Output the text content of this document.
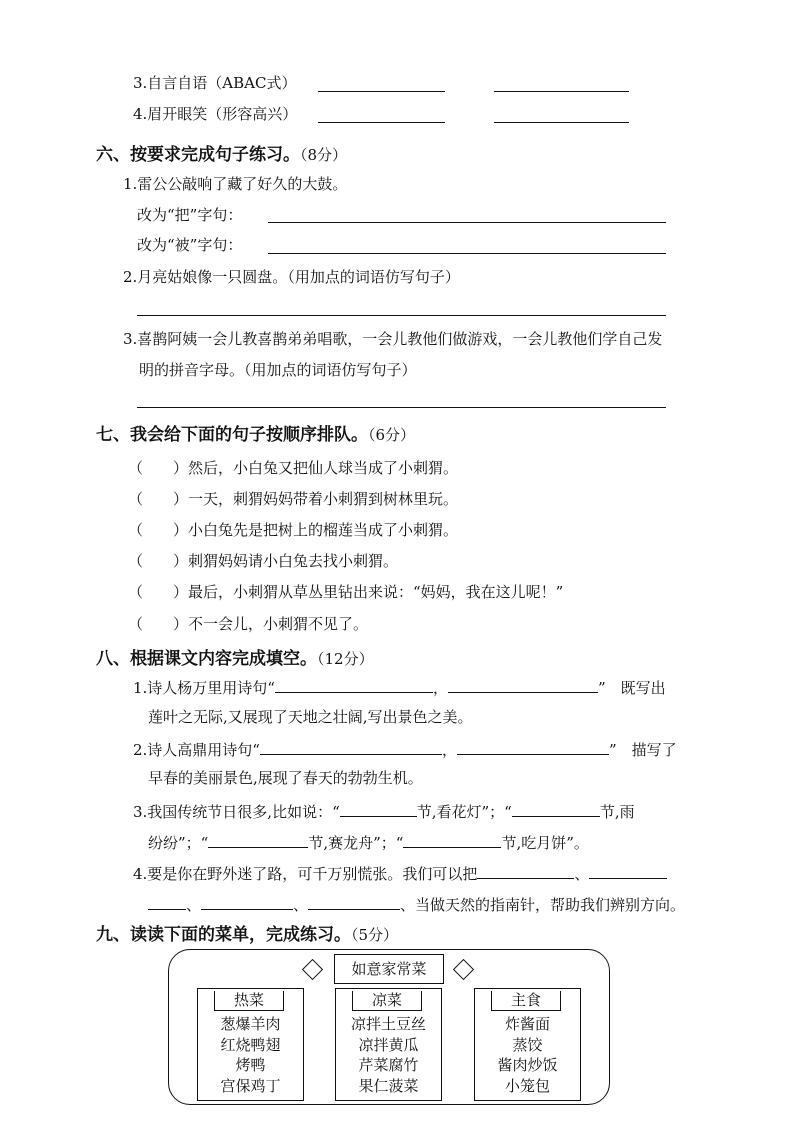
3.自言自语（ABAC式）
4.眉开眼笑（形容高兴）
六、按要求完成句子练习。（8分）
1.雷公公敲响了藏了好久的大鼓。
改为“把”字句：
改为“被”字句：
2.月亮姑娘像一只圆盘。（用加点的词语仿写句子）
3.喜鹊阿姨一会儿教喜鹊弟弟唱歌，一会儿教他们做游戏，一会儿教他们学自己发
明的拼音字母。（用加点的词语仿写句子）
七、我会给下面的句子按顺序排队。（6分）
（　　）然后，小白兔又把仙人球当成了小刺猬。
（　　）一天，刺猬妈妈带着小刺猬到树林里玩。
（　　）小白兔先是把树上的榴莲当成了小刺猬。
（　　）刺猬妈妈请小白兔去找小刺猬。
（　　）最后，小刺猬从草丛里钻出来说：“妈妈，我在这儿呢！”
（　　）不一会儿，小刺猬不见了。
八、根据课文内容完成填空。（12分）
1.诗人杨万里用诗句“	，	”　既写出
莲叶之无际,又展现了天地之壮阔,写出景色之美。
2.诗人高鼎用诗句“	，	”　描写了
早春的美丽景色,展现了春天的勃勃生机。
3.我国传统节日很多,比如说：“	节,看花灯”；“	节,雨
纷纷”；“	节,赛龙舟”；“	节,吃月饼”。
4.要是你在野外迷了路，可千万别慌张。我们可以把	、
、	、	、当做天然的指南针，帮助我们辨别方向。
九、读读下面的菜单，完成练习。（5分）
如意家常菜
热菜
葱爆羊肉
红烧鸭翅
烤鸭
宫保鸡丁
凉菜
凉拌土豆丝
凉拌黄瓜
芹菜腐竹
果仁菠菜
主食
炸酱面
蒸饺
酱肉炒饭
小笼包
